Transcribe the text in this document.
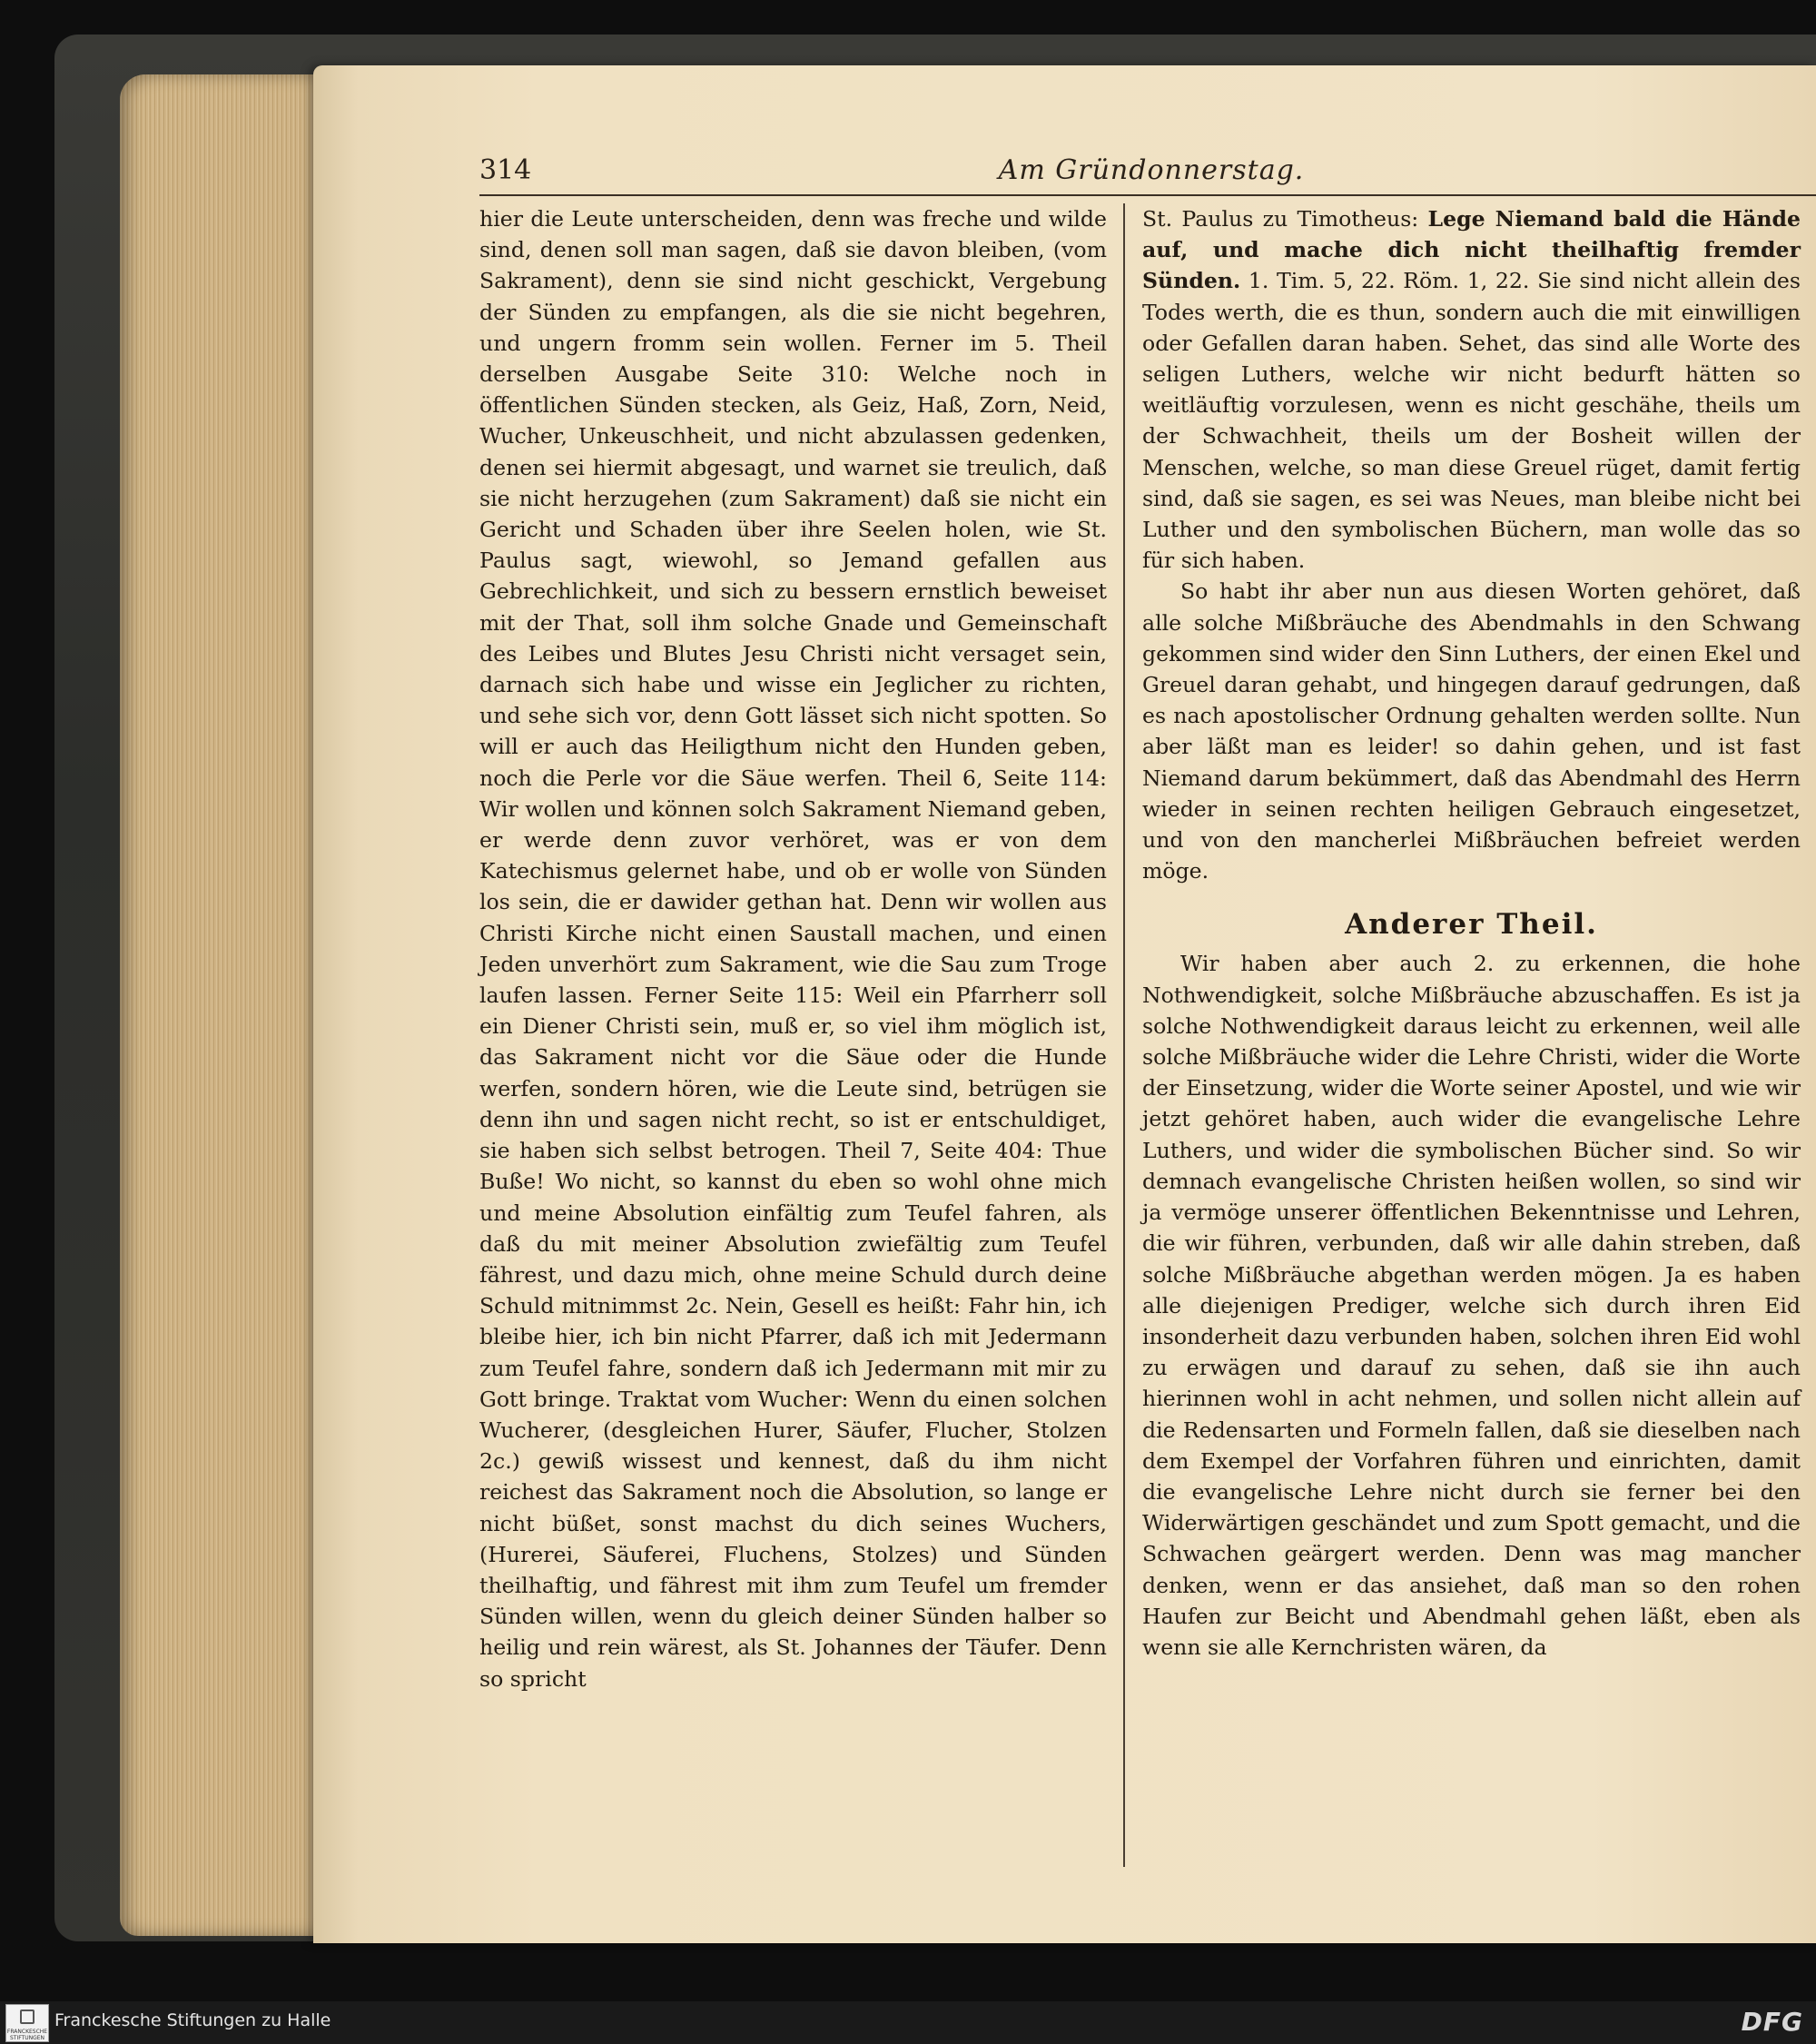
314	Am Gründonnerstag.

hier die Leute unterscheiden, denn was freche und wilde sind, denen soll man sagen, daß sie davon bleiben, (vom Sakrament), denn sie sind nicht geschickt, Vergebung der Sünden zu empfangen, als die sie nicht begehren, und ungern fromm sein wollen. Ferner im 5. Theil derselben Ausgabe Seite 310: Welche noch in öffentlichen Sünden stecken, als Geiz, Haß, Zorn, Neid, Wucher, Unkeuschheit, und nicht abzulassen gedenken, denen sei hiermit abgesagt, und warnet sie treulich, daß sie nicht herzugehen (zum Sakrament) daß sie nicht ein Gericht und Schaden über ihre Seelen holen, wie St. Paulus sagt, wiewohl, so Jemand gefallen aus Gebrechlichkeit, und sich zu bessern ernstlich beweiset mit der That, soll ihm solche Gnade und Gemeinschaft des Leibes und Blutes Jesu Christi nicht versaget sein, darnach sich habe und wisse ein Jeglicher zu richten, und sehe sich vor, denn Gott lässet sich nicht spotten. So will er auch das Heiligthum nicht den Hunden geben, noch die Perle vor die Säue werfen. Theil 6, Seite 114: Wir wollen und können solch Sakrament Niemand geben, er werde denn zuvor verhöret, was er von dem Katechismus gelernet habe, und ob er wolle von Sünden los sein, die er dawider gethan hat. Denn wir wollen aus Christi Kirche nicht einen Saustall machen, und einen Jeden unverhört zum Sakrament, wie die Sau zum Troge laufen lassen. Ferner Seite 115: Weil ein Pfarrherr soll ein Diener Christi sein, muß er, so viel ihm möglich ist, das Sakrament nicht vor die Säue oder die Hunde werfen, sondern hören, wie die Leute sind, betrügen sie denn ihn und sagen nicht recht, so ist er entschuldiget, sie haben sich selbst betrogen. Theil 7, Seite 404: Thue Buße! Wo nicht, so kannst du eben so wohl ohne mich und meine Absolution einfältig zum Teufel fahren, als daß du mit meiner Absolution zwiefältig zum Teufel fährest, und dazu mich, ohne meine Schuld durch deine Schuld mitnimmst 2c. Nein, Gesell es heißt: Fahr hin, ich bleibe hier, ich bin nicht Pfarrer, daß ich mit Jedermann zum Teufel fahre, sondern daß ich Jedermann mit mir zu Gott bringe. Traktat vom Wucher: Wenn du einen solchen Wucherer, (desgleichen Hurer, Säufer, Flucher, Stolzen 2c.) gewiß wissest und kennest, daß du ihm nicht reichest das Sakrament noch die Absolution, so lange er nicht büßet, sonst machst du dich seines Wuchers, (Hurerei, Säuferei, Fluchens, Stolzes) und Sünden theilhaftig, und fährest mit ihm zum Teufel um fremder Sünden willen, wenn du gleich deiner Sünden halber so heilig und rein wärest, als St. Johannes der Täufer. Denn so spricht

St. Paulus zu Timotheus: Lege Niemand bald die Hände auf, und mache dich nicht theilhaftig fremder Sünden. 1. Tim. 5, 22. Röm. 1, 22. Sie sind nicht allein des Todes werth, die es thun, sondern auch die mit einwilligen oder Gefallen daran haben. Sehet, das sind alle Worte des seligen Luthers, welche wir nicht bedurft hätten so weitläuftig vorzulesen, wenn es nicht geschähe, theils um der Schwachheit, theils um der Bosheit willen der Menschen, welche, so man diese Greuel rüget, damit fertig sind, daß sie sagen, es sei was Neues, man bleibe nicht bei Luther und den symbolischen Büchern, man wolle das so für sich haben.

So habt ihr aber nun aus diesen Worten gehöret, daß alle solche Mißbräuche des Abendmahls in den Schwang gekommen sind wider den Sinn Luthers, der einen Ekel und Greuel daran gehabt, und hingegen darauf gedrungen, daß es nach apostolischer Ordnung gehalten werden sollte. Nun aber läßt man es leider! so dahin gehen, und ist fast Niemand darum bekümmert, daß das Abendmahl des Herrn wieder in seinen rechten heiligen Gebrauch eingesetzet, und von den mancherlei Mißbräuchen befreiet werden möge.

Anderer Theil.

Wir haben aber auch 2. zu erkennen, die hohe Nothwendigkeit, solche Mißbräuche abzuschaffen. Es ist ja solche Nothwendigkeit daraus leicht zu erkennen, weil alle solche Mißbräuche wider die Lehre Christi, wider die Worte der Einsetzung, wider die Worte seiner Apostel, und wie wir jetzt gehöret haben, auch wider die evangelische Lehre Luthers, und wider die symbolischen Bücher sind. So wir demnach evangelische Christen heißen wollen, so sind wir ja vermöge unserer öffentlichen Bekenntnisse und Lehren, die wir führen, verbunden, daß wir alle dahin streben, daß solche Mißbräuche abgethan werden mögen. Ja es haben alle diejenigen Prediger, welche sich durch ihren Eid insonderheit dazu verbunden haben, solchen ihren Eid wohl zu erwägen und darauf zu sehen, daß sie ihn auch hierinnen wohl in acht nehmen, und sollen nicht allein auf die Redensarten und Formeln fallen, daß sie dieselben nach dem Exempel der Vorfahren führen und einrichten, damit die evangelische Lehre nicht durch sie ferner bei den Widerwärtigen geschändet und zum Spott gemacht, und die Schwachen geärgert werden. Denn was mag mancher denken, wenn er das ansiehet, daß man so den rohen Haufen zur Beicht und Abendmahl gehen läßt, eben als wenn sie alle Kernchristen wären, da

FRANCKESCHE STIFTUNGEN
Franckesche Stiftungen zu Halle	DFG
